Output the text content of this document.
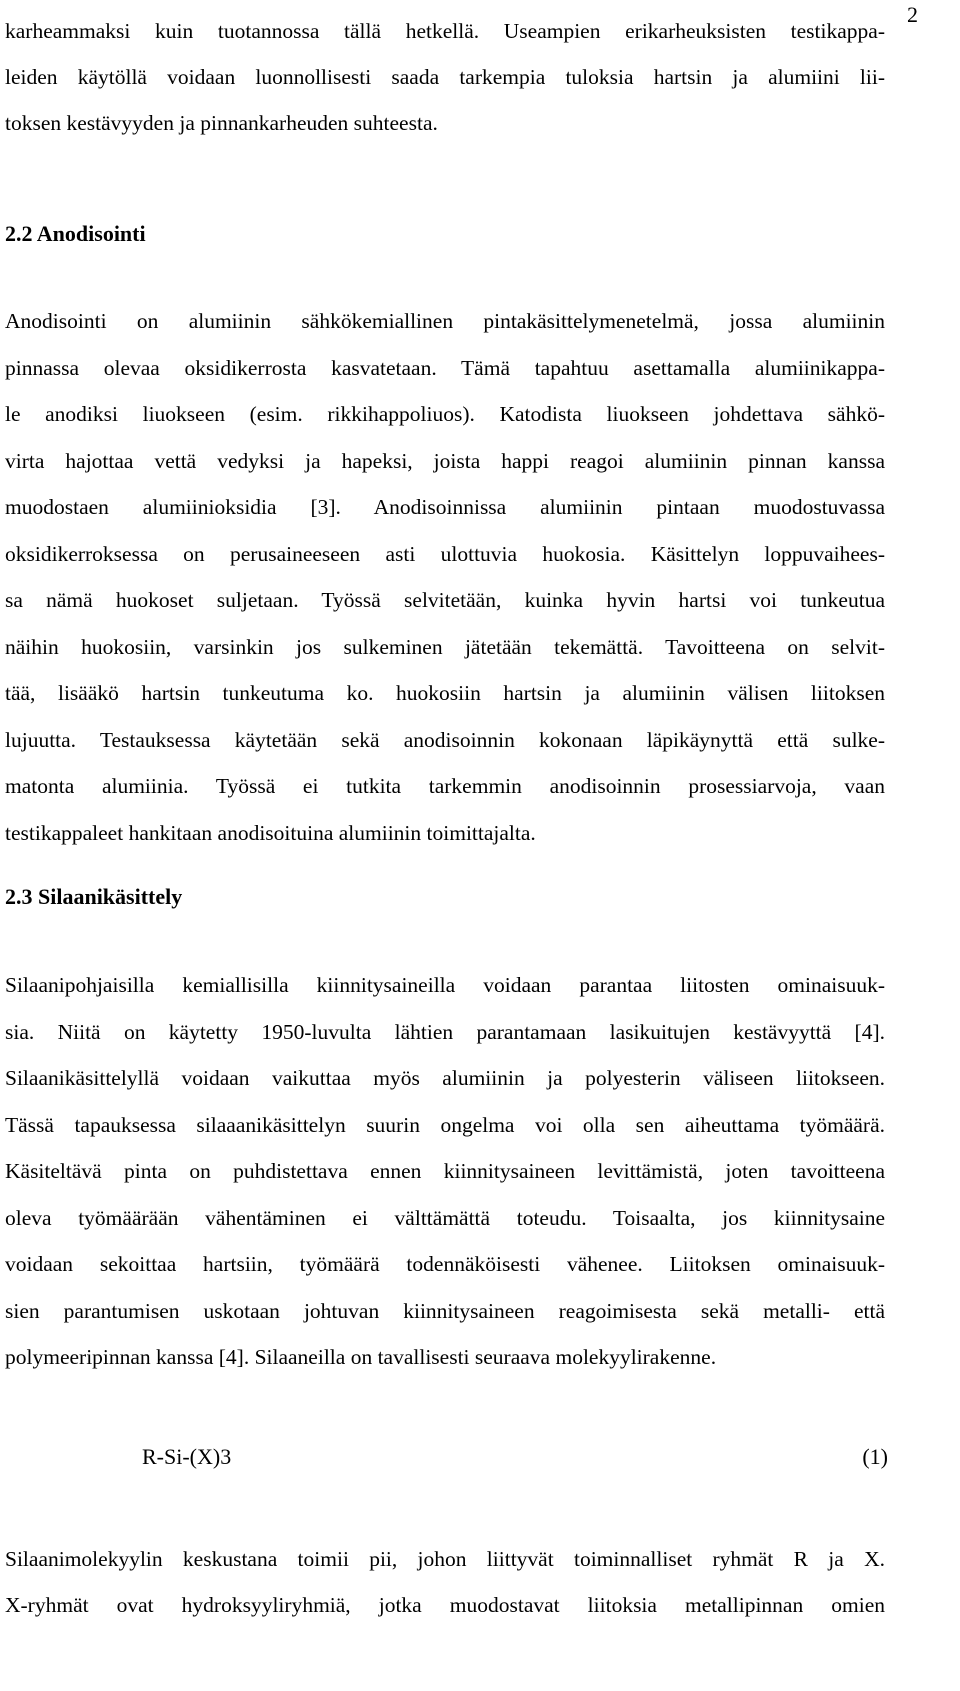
2
karheammaksi kuin tuotannossa tällä hetkellä. Useampien erikarheuksisten testikappa-
leiden käytöllä voidaan luonnollisesti saada tarkempia tuloksia hartsin ja alumiini lii-
toksen kestävyyden ja pinnankarheuden suhteesta.
2.2 Anodisointi
Anodisointi on alumiinin sähkökemiallinen pintakäsittelymenetelmä, jossa alumiinin
pinnassa olevaa oksidikerrosta kasvatetaan. Tämä tapahtuu asettamalla alumiinikappa-
le anodiksi liuokseen (esim. rikkihappoliuos). Katodista liuokseen johdettava sähkö-
virta hajottaa vettä vedyksi ja hapeksi, joista happi reagoi alumiinin pinnan kanssa
muodostaen alumiinioksidia [3]. Anodisoinnissa alumiinin pintaan muodostuvassa
oksidikerroksessa on perusaineeseen asti ulottuvia huokosia. Käsittelyn loppuvaihees-
sa nämä huokoset suljetaan. Työssä selvitetään, kuinka hyvin hartsi voi tunkeutua
näihin huokosiin, varsinkin jos sulkeminen jätetään tekemättä. Tavoitteena on selvit-
tää, lisääkö hartsin tunkeutuma ko. huokosiin hartsin ja alumiinin välisen liitoksen
lujuutta. Testauksessa käytetään sekä anodisoinnin kokonaan läpikäynyttä että sulke-
matonta alumiinia. Työssä ei tutkita tarkemmin anodisoinnin prosessiarvoja, vaan
testikappaleet hankitaan anodisoituina alumiinin toimittajalta.
2.3 Silaanikäsittely
Silaanipohjaisilla kemiallisilla kiinnitysaineilla voidaan parantaa liitosten ominaisuuk-
sia. Niitä on käytetty 1950-luvulta lähtien parantamaan lasikuitujen kestävyyttä [4].
Silaanikäsittelyllä voidaan vaikuttaa myös alumiinin ja polyesterin väliseen liitokseen.
Tässä tapauksessa silaaanikäsittelyn suurin ongelma voi olla sen aiheuttama työmäärä.
Käsiteltävä pinta on puhdistettava ennen kiinnitysaineen levittämistä, joten tavoitteena
oleva työmäärään vähentäminen ei välttämättä toteudu. Toisaalta, jos kiinnitysaine
voidaan sekoittaa hartsiin, työmäärä todennäköisesti vähenee. Liitoksen ominaisuuk-
sien parantumisen uskotaan johtuvan kiinnitysaineen reagoimisesta sekä metalli- että
polymeeripinnan kanssa [4]. Silaaneilla on tavallisesti seuraava molekyylirakenne.
R-Si-(X)3	(1)
Silaanimolekyylin keskustana toimii pii, johon liittyvät toiminnalliset ryhmät R ja X.
X-ryhmät ovat hydroksyyliryhmiä, jotka muodostavat liitoksia metallipinnan omien
